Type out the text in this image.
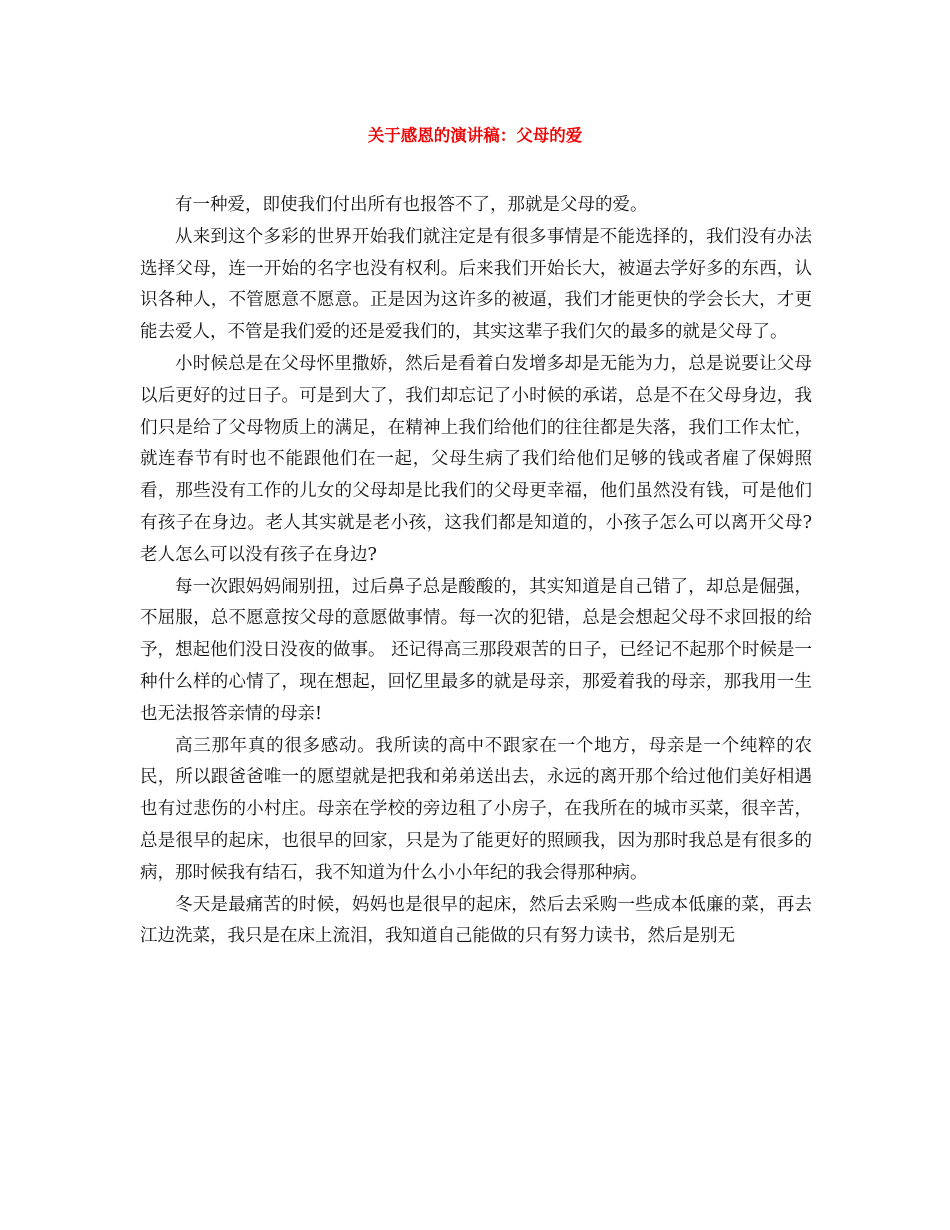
关于感恩的演讲稿：父母的爱

有一种爱，即使我们付出所有也报答不了，那就是父母的爱。

从来到这个多彩的世界开始我们就注定是有很多事情是不能选择的，我们没有办法选择父母，连一开始的名字也没有权利。后来我们开始长大，被逼去学好多的东西，认识各种人，不管愿意不愿意。正是因为这许多的被逼，我们才能更快的学会长大，才更能去爱人，不管是我们爱的还是爱我们的，其实这辈子我们欠的最多的就是父母了。

小时候总是在父母怀里撒娇，然后是看着白发增多却是无能为力，总是说要让父母以后更好的过日子。可是到大了，我们却忘记了小时候的承诺，总是不在父母身边，我们只是给了父母物质上的满足，在精神上我们给他们的往往都是失落，我们工作太忙，就连春节有时也不能跟他们在一起，父母生病了我们给他们足够的钱或者雇了保姆照看，那些没有工作的儿女的父母却是比我们的父母更幸福，他们虽然没有钱，可是他们有孩子在身边。老人其实就是老小孩，这我们都是知道的，小孩子怎么可以离开父母?老人怎么可以没有孩子在身边?

每一次跟妈妈闹别扭，过后鼻子总是酸酸的，其实知道是自己错了，却总是倔强，不屈服，总不愿意按父母的意愿做事情。每一次的犯错，总是会想起父母不求回报的给予，想起他们没日没夜的做事。 还记得高三那段艰苦的日子，已经记不起那个时候是一种什么样的心情了，现在想起，回忆里最多的就是母亲，那爱着我的母亲，那我用一生也无法报答亲情的母亲!

高三那年真的很多感动。我所读的高中不跟家在一个地方，母亲是一个纯粹的农民，所以跟爸爸唯一的愿望就是把我和弟弟送出去，永远的离开那个给过他们美好相遇也有过悲伤的小村庄。母亲在学校的旁边租了小房子，在我所在的城市买菜，很辛苦，总是很早的起床，也很早的回家，只是为了能更好的照顾我，因为那时我总是有很多的病，那时候我有结石，我不知道为什么小小年纪的我会得那种病。

冬天是最痛苦的时候，妈妈也是很早的起床，然后去采购一些成本低廉的菜，再去江边洗菜，我只是在床上流泪，我知道自己能做的只有努力读书，然后是别无
